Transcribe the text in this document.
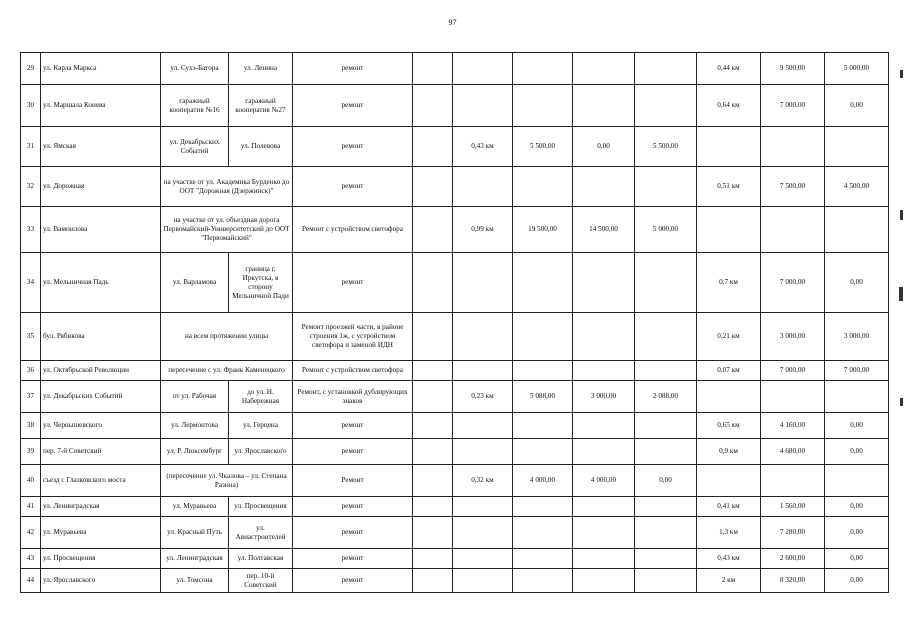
97
29	ул. Карла Маркса	ул. Сухэ-Батора	ул. Ленина	ремонт						0,44 км	9 500,00	5 000,00	
30	ул. Маршала Конева	гаражный кооператив №16	гаражный кооператив №27	ремонт						0,64 км	7 000,00	0,00	
31	ул. Ямская	ул. Декабрьских Событий	ул. Полевова	ремонт		0,43 км	5 500,00	0,00	5 500,00				
32	ул. Дорожная	на участке от ул. Академика Бурденко до ООТ "Дорожная (Дзержинск)"		ремонт						0,51 км	7 500,00	4 500,00	
33	ул. Вампилова	на участке от ул. объездная дорога Первомайский-Университетский до ООТ "Первомайский"		Ремонт с устройством светофора		0,99 км	19 500,00	14 500,00	5 000,00				
34	ул. Мельничная Падь	ул. Варламова	граница г. Иркутска, в сторону Мельничной Пади	ремонт						0,7 км	7 000,00	0,00	
35	бул. Рябикова	на всем протяжении улицы		Ремонт проезжей части, в районе строения 1ж, с устройством светофора и заменой ИДН						0,21 км	3 000,00	3 000,00	
36	ул. Октябрьской Революции	пересечение с ул. Франк Каменецкого		Ремонт с устройством светофора						0,07 км	7 000,00	7 000,00	
37	ул. Декабрьских Событий	от ул. Рабочая	до ул. Н. Набережная	Ремонт, с установкой дублирующих знаков		0,23 км	5 088,00	3 000,00	2 088,00				
38	ул. Чернышевского	ул. Лермонтова	ул. Герцена	ремонт						0,65 км	4 160,00	0,00	
39	пер. 7-й Советский	ул. Р. Люксембург	ул. Ярославского	ремонт						0,9 км	4 680,00	0,00	
40	съезд с Глазковского моста	(пересечение ул. Чкалова – ул. Степана Разина)		Ремонт		0,32 км	4 000,00	4 000,00	0,00				
41	ул. Ленинградская	ул. Муравьева	ул. Просвещения	ремонт						0,41 км	1 560,00	0,00	
42	ул. Муравьева	ул. Красный Путь	ул. Авиастроителей	ремонт						1,3 км	7 280,00	0,00	
43	ул. Просвещения	ул. Ленинградская	ул. Полтавская	ремонт						0,43 км	2 600,00	0,00	
44	ул. Ярославского	ул. Томсона	пер. 10-й Советский	ремонт						2 км	8 320,00	0,00	
